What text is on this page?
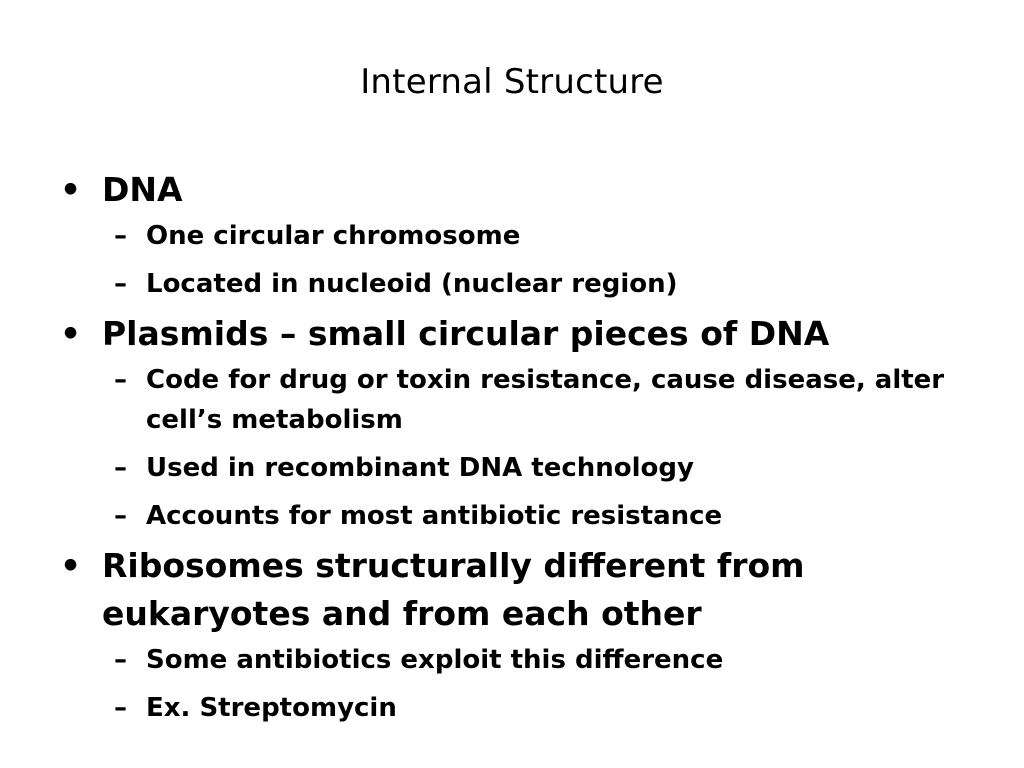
Internal Structure
• DNA
– One circular chromosome
– Located in nucleoid (nuclear region)
• Plasmids – small circular pieces of DNA
– Code for drug or toxin resistance, cause disease, alter cell’s metabolism
– Used in recombinant DNA technology
– Accounts for most antibiotic resistance
• Ribosomes structurally different from eukaryotes and from each other
– Some antibiotics exploit this difference
– Ex. Streptomycin
